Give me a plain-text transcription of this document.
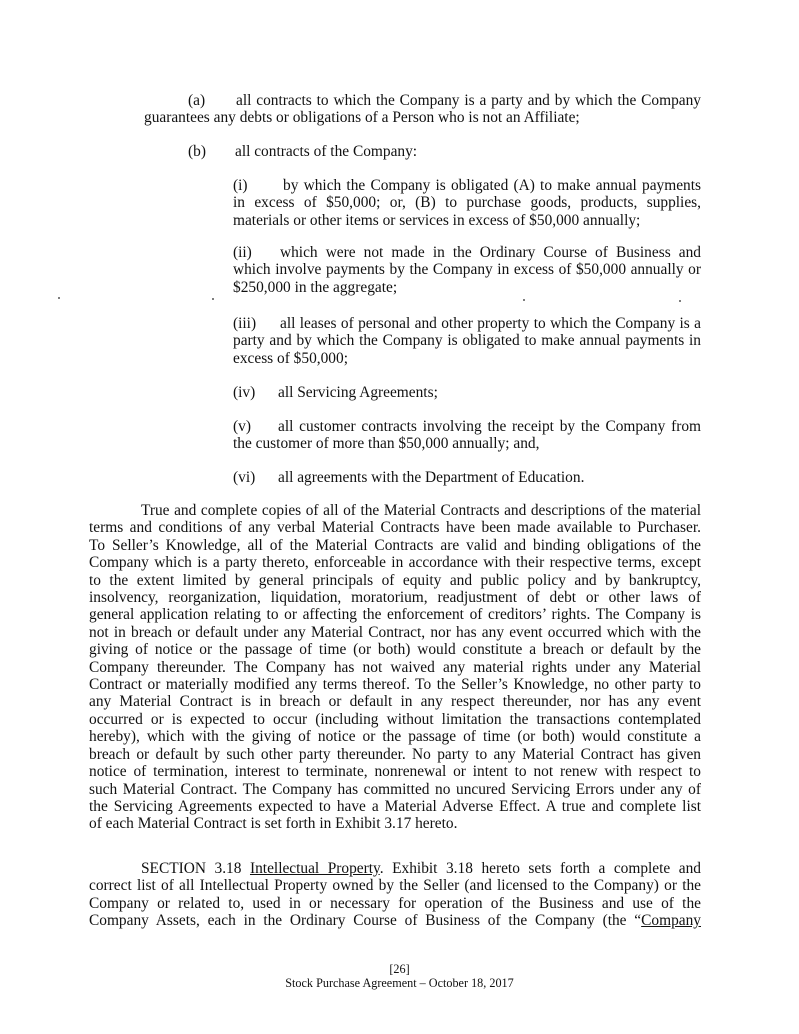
(a) all contracts to which the Company is a party and by which the Company
guarantees any debts or obligations of a Person who is not an Affiliate;
(b) all contracts of the Company:
(i) by which the Company is obligated (A) to make annual payments
in excess of $50,000; or, (B) to purchase goods, products, supplies,
materials or other items or services in excess of $50,000 annually;
(ii) which were not made in the Ordinary Course of Business and
which involve payments by the Company in excess of $50,000 annually or
$250,000 in the aggregate;
(iii) all leases of personal and other property to which the Company is a
party and by which the Company is obligated to make annual payments in
excess of $50,000;
(iv) all Servicing Agreements;
(v) all customer contracts involving the receipt by the Company from
the customer of more than $50,000 annually; and,
(vi) all agreements with the Department of Education.
True and complete copies of all of the Material Contracts and descriptions of the material
terms and conditions of any verbal Material Contracts have been made available to Purchaser.
To Seller’s Knowledge, all of the Material Contracts are valid and binding obligations of the
Company which is a party thereto, enforceable in accordance with their respective terms, except
to the extent limited by general principals of equity and public policy and by bankruptcy,
insolvency, reorganization, liquidation, moratorium, readjustment of debt or other laws of
general application relating to or affecting the enforcement of creditors’ rights. The Company is
not in breach or default under any Material Contract, nor has any event occurred which with the
giving of notice or the passage of time (or both) would constitute a breach or default by the
Company thereunder. The Company has not waived any material rights under any Material
Contract or materially modified any terms thereof. To the Seller’s Knowledge, no other party to
any Material Contract is in breach or default in any respect thereunder, nor has any event
occurred or is expected to occur (including without limitation the transactions contemplated
hereby), which with the giving of notice or the passage of time (or both) would constitute a
breach or default by such other party thereunder. No party to any Material Contract has given
notice of termination, interest to terminate, nonrenewal or intent to not renew with respect to
such Material Contract. The Company has committed no uncured Servicing Errors under any of
the Servicing Agreements expected to have a Material Adverse Effect. A true and complete list
of each Material Contract is set forth in Exhibit 3.17 hereto.
SECTION 3.18 Intellectual Property. Exhibit 3.18 hereto sets forth a complete and
correct list of all Intellectual Property owned by the Seller (and licensed to the Company) or the
Company or related to, used in or necessary for operation of the Business and use of the
Company Assets, each in the Ordinary Course of Business of the Company (the “Company
[26]
Stock Purchase Agreement – October 18, 2017
